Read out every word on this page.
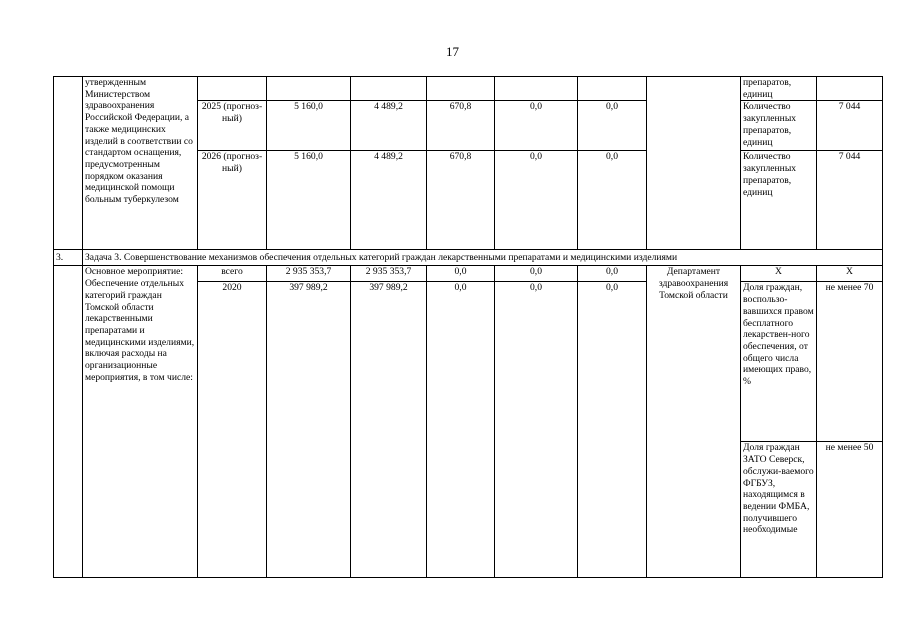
17
	утвержденным Министерством здравоохранения Российской Федерации, а также медицинских изделий в соответствии со стандартом оснащения, предусмотренным порядком оказания медицинской помощи больным туберкулезом								препаратов, единиц	
		2025 (прогноз-ный)	5 160,0	4 489,2	670,8	0,0	0,0		Количество закупленных препаратов, единиц	7 044
		2026 (прогноз-ный)	5 160,0	4 489,2	670,8	0,0	0,0		Количество закупленных препаратов, единиц	7 044
3.	Задача 3. Совершенствование механизмов обеспечения отдельных категорий граждан лекарственными препаратами и медицинскими изделиями									
	Основное мероприятие: Обеспечение отдельных категорий граждан Томской области лекарственными препаратами и медицинскими изделиями, включая расходы на организационные мероприятия, в том числе:	всего	2 935 353,7	2 935 353,7	0,0	0,0	0,0	Департамент здравоохранения Томской области	Х	Х
		2020	397 989,2	397 989,2	0,0	0,0	0,0		Доля граждан, воспользо-вавшихся правом бесплатного лекарствен-ного обеспечения, от общего числа имеющих право, %	не менее 70
									Доля граждан ЗАТО Северск, обслужи-ваемого ФГБУЗ, находящимся в ведении ФМБА, получившего необходимые	не менее 50
